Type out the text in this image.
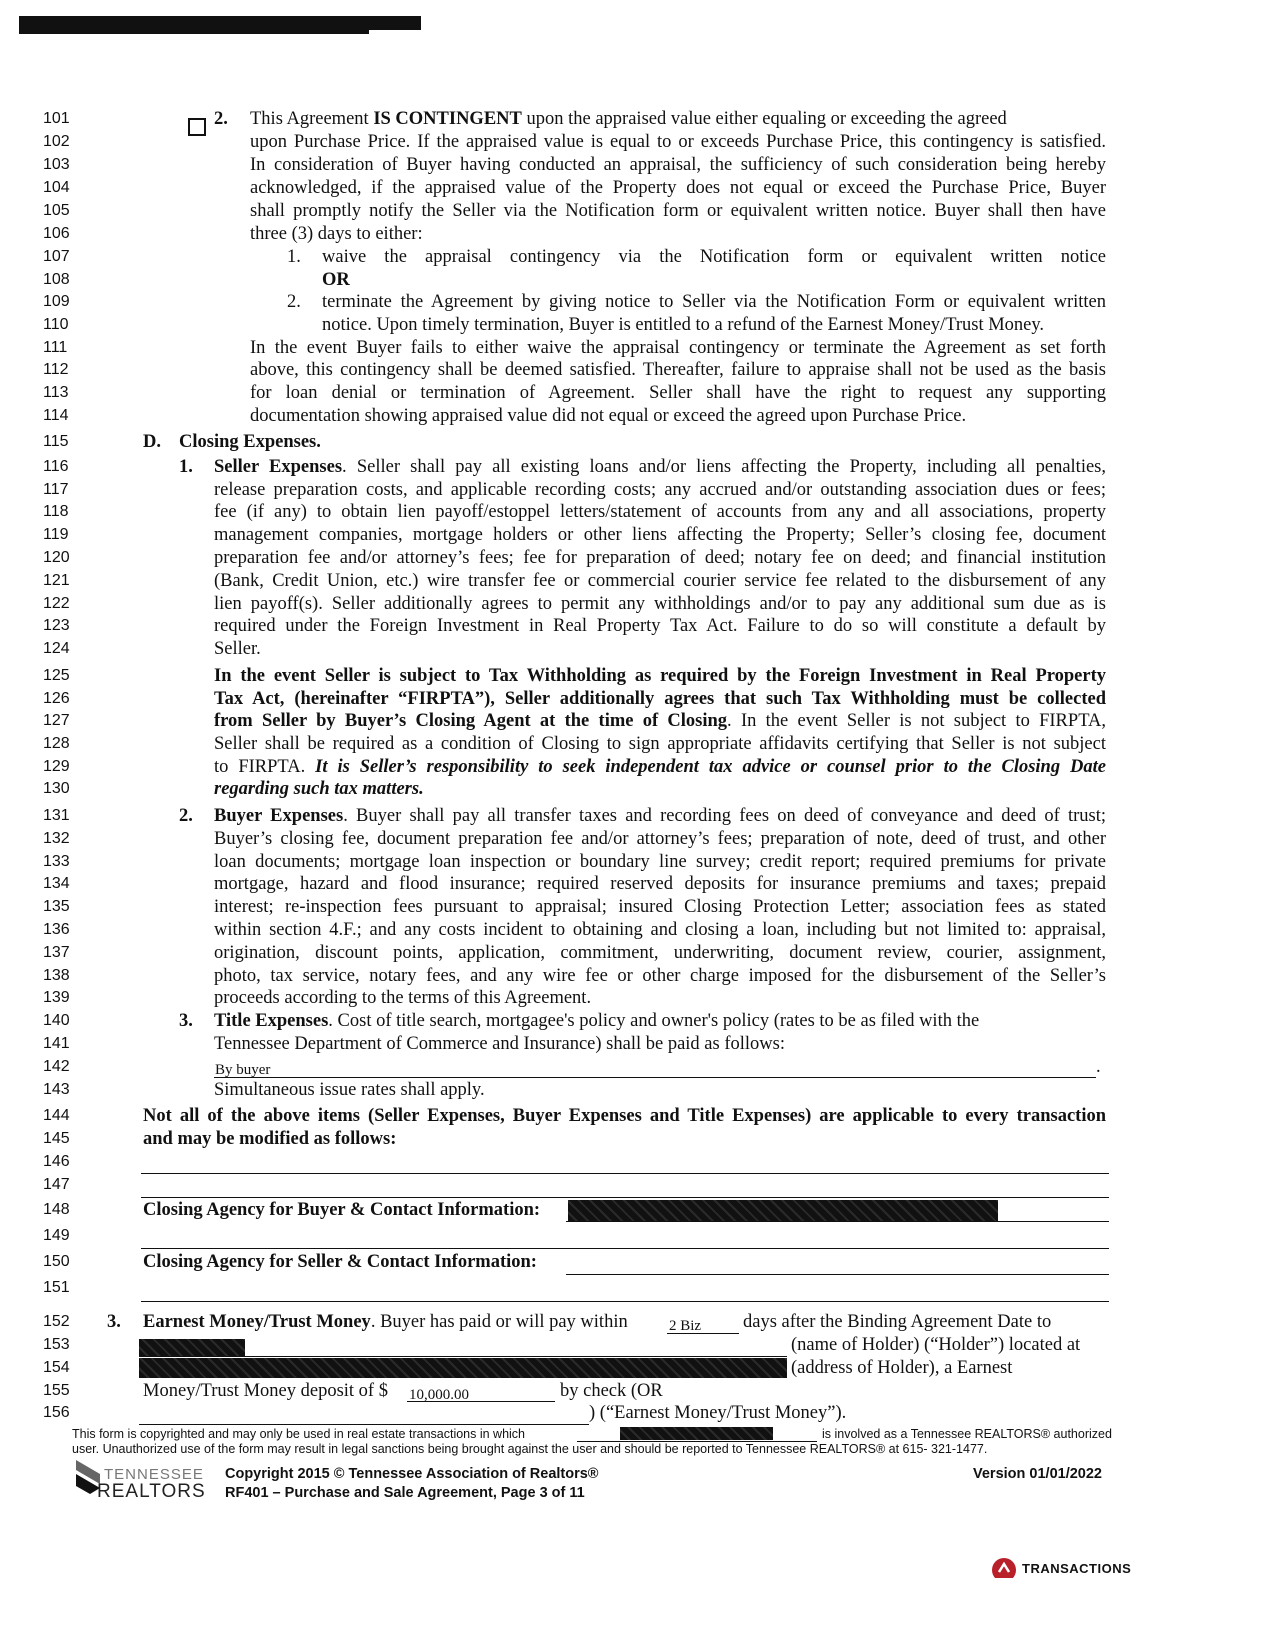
101
102
103
104
105
106
107
108
109
110
111
112
113
114
115
116
117
118
119
120
121
122
123
124
125
126
127
128
129
130
131
132
133
134
135
136
137
138
139
140
141
142
143
144
145
146
147
148
149
150
151
152
153
154
155
156
2. This Agreement IS CONTINGENT upon the appraised value either equaling or exceeding the agreed
upon Purchase Price. If the appraised value is equal to or exceeds Purchase Price, this contingency is satisfied.
In consideration of Buyer having conducted an appraisal, the sufficiency of such consideration being hereby
acknowledged, if the appraised value of the Property does not equal or exceed the Purchase Price, Buyer
shall promptly notify the Seller via the Notification form or equivalent written notice. Buyer shall then have
three (3) days to either:
1. waive the appraisal contingency via the Notification form or equivalent written notice
OR
2. terminate the Agreement by giving notice to Seller via the Notification Form or equivalent written
notice. Upon timely termination, Buyer is entitled to a refund of the Earnest Money/Trust Money.
In the event Buyer fails to either waive the appraisal contingency or terminate the Agreement as set forth
above, this contingency shall be deemed satisfied. Thereafter, failure to appraise shall not be used as the basis
for loan denial or termination of Agreement. Seller shall have the right to request any supporting
documentation showing appraised value did not equal or exceed the agreed upon Purchase Price.
D. Closing Expenses.
1. Seller Expenses. Seller shall pay all existing loans and/or liens affecting the Property, including all penalties,
release preparation costs, and applicable recording costs; any accrued and/or outstanding association dues or fees;
fee (if any) to obtain lien payoff/estoppel letters/statement of accounts from any and all associations, property
management companies, mortgage holders or other liens affecting the Property; Seller’s closing fee, document
preparation fee and/or attorney’s fees; fee for preparation of deed; notary fee on deed; and financial institution
(Bank, Credit Union, etc.) wire transfer fee or commercial courier service fee related to the disbursement of any
lien payoff(s). Seller additionally agrees to permit any withholdings and/or to pay any additional sum due as is
required under the Foreign Investment in Real Property Tax Act. Failure to do so will constitute a default by
Seller.
In the event Seller is subject to Tax Withholding as required by the Foreign Investment in Real Property
Tax Act, (hereinafter “FIRPTA”), Seller additionally agrees that such Tax Withholding must be collected
from Seller by Buyer’s Closing Agent at the time of Closing. In the event Seller is not subject to FIRPTA,
Seller shall be required as a condition of Closing to sign appropriate affidavits certifying that Seller is not subject
to FIRPTA. It is Seller’s responsibility to seek independent tax advice or counsel prior to the Closing Date
regarding such tax matters.
2. Buyer Expenses. Buyer shall pay all transfer taxes and recording fees on deed of conveyance and deed of trust;
Buyer’s closing fee, document preparation fee and/or attorney’s fees; preparation of note, deed of trust, and other
loan documents; mortgage loan inspection or boundary line survey; credit report; required premiums for private
mortgage, hazard and flood insurance; required reserved deposits for insurance premiums and taxes; prepaid
interest; re-inspection fees pursuant to appraisal; insured Closing Protection Letter; association fees as stated
within section 4.F.; and any costs incident to obtaining and closing a loan, including but not limited to: appraisal,
origination, discount points, application, commitment, underwriting, document review, courier, assignment,
photo, tax service, notary fees, and any wire fee or other charge imposed for the disbursement of the Seller’s
proceeds according to the terms of this Agreement.
3. Title Expenses. Cost of title search, mortgagee's policy and owner's policy (rates to be as filed with the
Tennessee Department of Commerce and Insurance) shall be paid as follows:
By buyer	.
Simultaneous issue rates shall apply.
Not all of the above items (Seller Expenses, Buyer Expenses and Title Expenses) are applicable to every transaction
and may be modified as follows:
Closing Agency for Buyer & Contact Information:
Closing Agency for Seller & Contact Information:
3. Earnest Money/Trust Money. Buyer has paid or will pay within	2 Biz days after the Binding Agreement Date to
(name of Holder) (“Holder”) located at
(address of Holder), a Earnest
Money/Trust Money deposit of $ 10,000.00	by check (OR
) (“Earnest Money/Trust Money”).
This form is copyrighted and may only be used in real estate transactions in which	is involved as a Tennessee REALTORS® authorized
user. Unauthorized use of the form may result in legal sanctions being brought against the user and should be reported to Tennessee REALTORS® at 615- 321-1477.
TENNESSEE
REALTORS
Copyright 2015 © Tennessee Association of Realtors®
RF401 – Purchase and Sale Agreement, Page 3 of 11
Version 01/01/2022
TRANSACTIONS
